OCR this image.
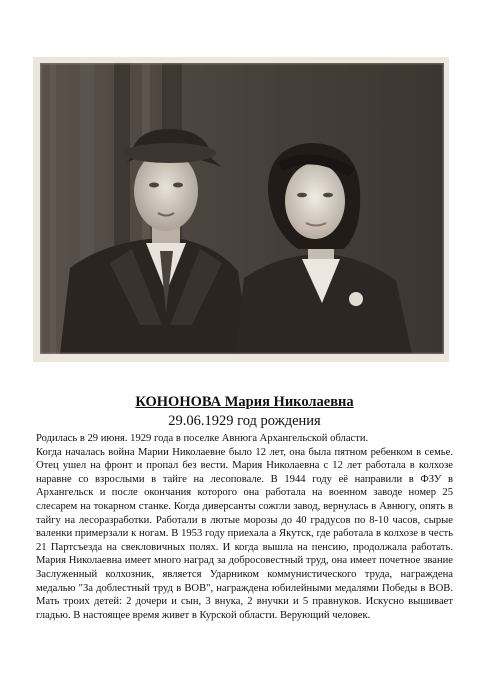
КОНОНОВА Мария Николаевна
29.06.1929 год рождения

Родилась в 29 июня. 1929 года в поселке Авнюга Архангельской области.

Когда началась война Марии Николаевне было 12 лет, она была пятном ребенком в семье. Отец ушел на фронт и пропал без вести. Мария Николаевна с 12 лет работала в колхозе наравне со взрослыми в тайге на лесоповале. В 1944 году её направили в ФЗУ в Архангельск и после окончания которого она работала на военном заводе номер 25 слесарем на токарном станке. Когда диверсанты сожгли завод, вернулась в Авнюгу, опять в тайгу на лесоразработки. Работали в лютые морозы до 40 градусов по 8-10 часов, сырые валенки примерзали к ногам. В 1953 году приехала а Якутск, где работала в колхозе в честь 21 Партсъезда на свекловичных полях. И когда вышла на пенсию, продолжала работать. Мария Николаевна имеет много наград за добросовестный труд, она имеет почетное звание Заслуженный колхозник, является Ударником коммунистического труда, награждена медалью "За доблестный труд в ВОВ", награждена юбилейными медалями Победы в ВОВ. Мать троих детей: 2 дочери и сын, 3 внука, 2 внучки и 5 правнуков. Искусно вышивает гладью. В настоящее время живет в Курской области. Верующий человек.
